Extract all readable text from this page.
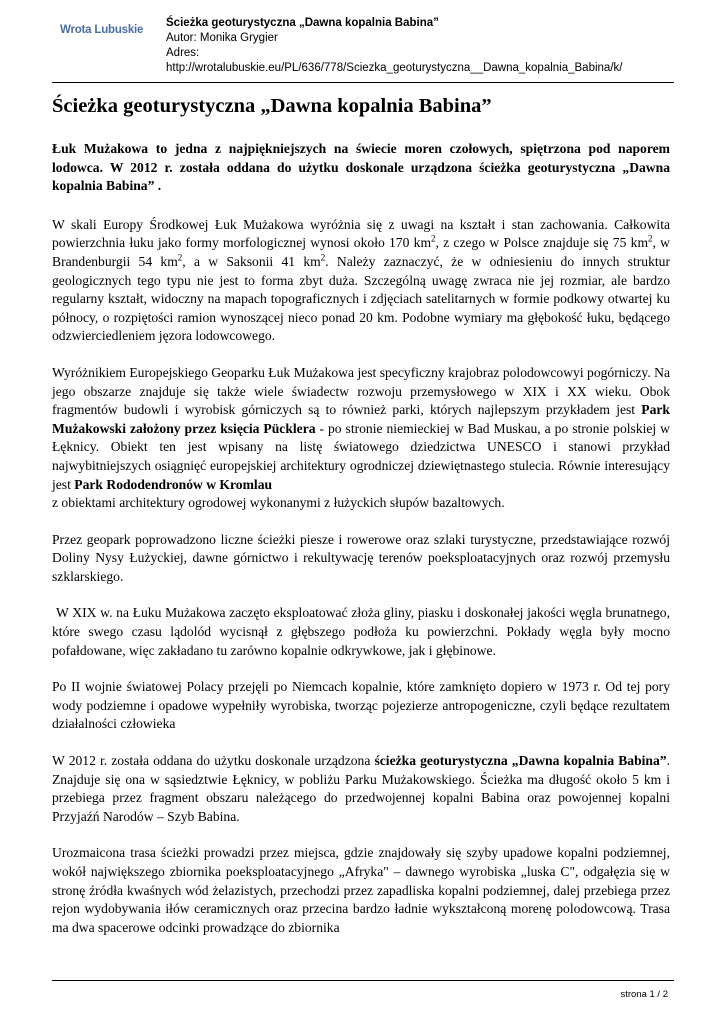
Wrota Lubuskie
Ścieżka geoturystyczna „Dawna kopalnia Babina”
Autor: Monika Grygier
Adres:
http://wrotalubuskie.eu/PL/636/778/Sciezka_geoturystyczna__Dawna_kopalnia_Babina/k/
Ścieżka geoturystyczna „Dawna kopalnia Babina”

Łuk Mużakowa to jedna z najpiękniejszych na świecie moren czołowych, spiętrzona pod naporem lodowca. W 2012 r. została oddana do użytku doskonale urządzona ścieżka geoturystyczna „Dawna kopalnia Babina” .

W skali Europy Środkowej Łuk Mużakowa wyróżnia się z uwagi na kształt i stan zachowania. Całkowita powierzchnia łuku jako formy morfologicznej wynosi około 170 $km^2$, z czego w Polsce znajduje się 75 $km^2$, w Brandenburgii 54 $km^2$, a w Saksonii 41 $km^2$. Należy zaznaczyć, że w odniesieniu do innych struktur geologicznych tego typu nie jest to forma zbyt duża. Szczególną uwagę zwraca nie jej rozmiar, ale bardzo regularny kształt, widoczny na mapach topograficznych i zdjęciach satelitarnych w formie podkowy otwartej ku północy, o rozpiętości ramion wynoszącej nieco ponad 20 km. Podobne wymiary ma głębokość łuku, będącego odzwierciedleniem jęzora lodowcowego.

Wyróżnikiem Europejskiego Geoparku Łuk Mużakowa jest specyficzny krajobraz polodowcowyi pogórniczy. Na jego obszarze znajduje się także wiele świadectw rozwoju przemysłowego w XIX i XX wieku. Obok fragmentów budowli i wyrobisk górniczych są to również parki, których najlepszym przykładem jest Park Mużakowski założony przez księcia Pücklera - po stronie niemieckiej w Bad Muskau, a po stronie polskiej w Łęknicy. Obiekt ten jest wpisany na listę światowego dziedzictwa UNESCO i stanowi przykład najwybitniejszych osiągnięć europejskiej architektury ogrodniczej dziewiętnastego stulecia. Równie interesujący jest Park Rododendronów w Kromlau
z obiektami architektury ogrodowej wykonanymi z łużyckich słupów bazaltowych.

Przez geopark poprowadzono liczne ścieżki piesze i rowerowe oraz szlaki turystyczne, przedstawiające rozwój Doliny Nysy Łużyckiej, dawne górnictwo i rekultywację terenów poeksploatacyjnych oraz rozwój przemysłu szklarskiego.

W XIX w. na Łuku Mużakowa zaczęto eksploatować złoża gliny, piasku i doskonałej jakości węgla brunatnego, które swego czasu lądolód wycisnął z głębszego podłoża ku powierzchni. Pokłady węgla były mocno pofałdowane, więc zakładano tu zarówno kopalnie odkrywkowe, jak i głębinowe.

Po II wojnie światowej Polacy przejęli po Niemcach kopalnie, które zamknięto dopiero w 1973 r. Od tej pory wody podziemne i opadowe wypełniły wyrobiska, tworząc pojezierze antropogeniczne, czyli będące rezultatem działalności człowieka

W 2012 r. została oddana do użytku doskonale urządzona ścieżka geoturystyczna „Dawna kopalnia Babina”. Znajduje się ona w sąsiedztwie Łęknicy, w pobliżu Parku Mużakowskiego. Ścieżka ma długość około 5 km i przebiega przez fragment obszaru należącego do przedwojennej kopalni Babina oraz powojennej kopalni Przyjaźń Narodów – Szyb Babina.

Urozmaicona trasa ścieżki prowadzi przez miejsca, gdzie znajdowały się szyby upadowe kopalni podziemnej, wokół największego zbiornika poeksploatacyjnego „Afryka" – dawnego wyrobiska „luska C", odgałęzia się w stronę źródła kwaśnych wód żelazistych, przechodzi przez zapadliska kopalni podziemnej, dalej przebiega przez rejon wydobywania iłów ceramicznych oraz przecina bardzo ładnie wykształconą morenę polodowcową. Trasa ma dwa spacerowe odcinki prowadzące do zbiornika

strona 1 / 2
